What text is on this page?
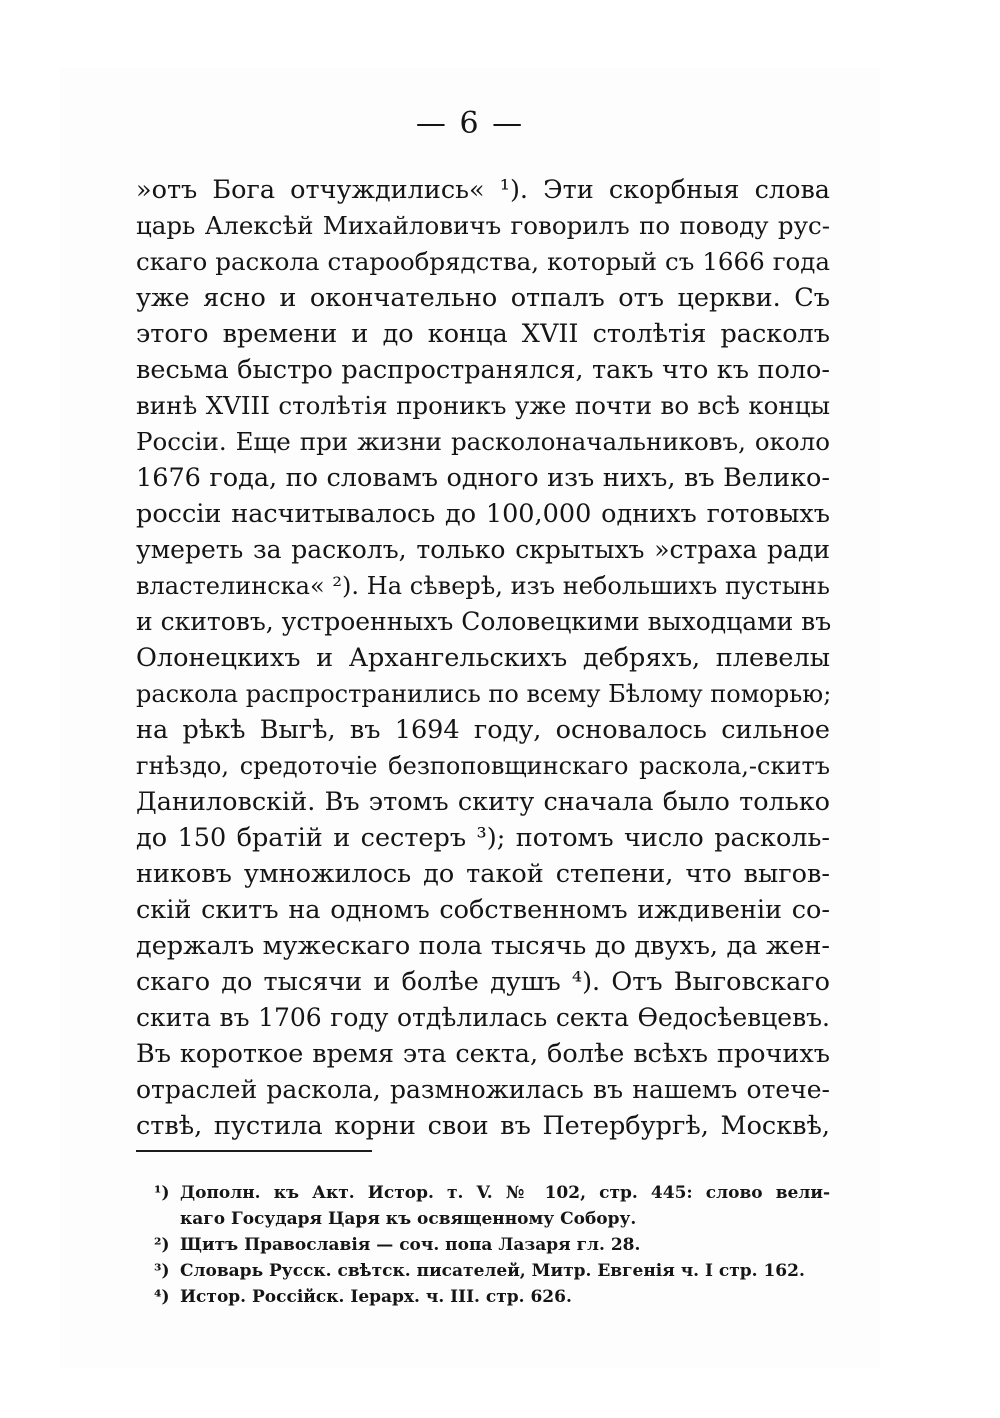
— 6 —
»отъ Бога отчуждились« ¹). Эти скорбныя слова
царь Алексѣй Михайловичъ говорилъ по поводу рус-
скаго раскола старообрядства, который съ 1666 года
уже ясно и окончательно отпалъ отъ церкви. Съ
этого времени и до конца XVII столѣтія расколъ
весьма быстро распространялся, такъ что къ поло-
винѣ XVIII столѣтія проникъ уже почти во всѣ концы
Россіи. Еще при жизни расколоначальниковъ, около
1676 года, по словамъ одного изъ нихъ, въ Велико-
россіи насчитывалось до 100,000 однихъ готовыхъ
умереть за расколъ, только скрытыхъ »страха ради
властелинска« ²). На сѣверѣ, изъ небольшихъ пустынь
и скитовъ, устроенныхъ Соловецкими выходцами въ
Олонецкихъ и Архангельскихъ дебряхъ, плевелы
раскола распространились по всему Бѣлому поморью;
на рѣкѣ Выгѣ, въ 1694 году, основалось сильное
гнѣздо, средоточіе безпоповщинскаго раскола,-скитъ
Даниловскій. Въ этомъ скиту сначала было только
до 150 братій и сестеръ ³); потомъ число расколь-
никовъ умножилось до такой степени, что выгов-
скій скитъ на одномъ собственномъ иждивеніи со-
держалъ мужескаго пола тысячь до двухъ, да жен-
скаго до тысячи и болѣе душъ ⁴). Отъ Выговскаго
скита въ 1706 году отдѣлилась секта Ѳедосѣевцевъ.
Въ короткое время эта секта, болѣе всѣхъ прочихъ
отраслей раскола, размножилась въ нашемъ отече-
ствѣ, пустила корни свои въ Петербургѣ, Москвѣ,
¹) Дополн. къ Акт. Истор. т. V. № 102, стр. 445: слово вели-
каго Государя Царя къ освященному Собору.
²) Щитъ Православія — соч. попа Лазаря гл. 28.
³) Словарь Русск. свѣтск. писателей, Митр. Евгенія ч. I стр. 162.
⁴) Истор. Россійск. Іерарх. ч. III. стр. 626.
